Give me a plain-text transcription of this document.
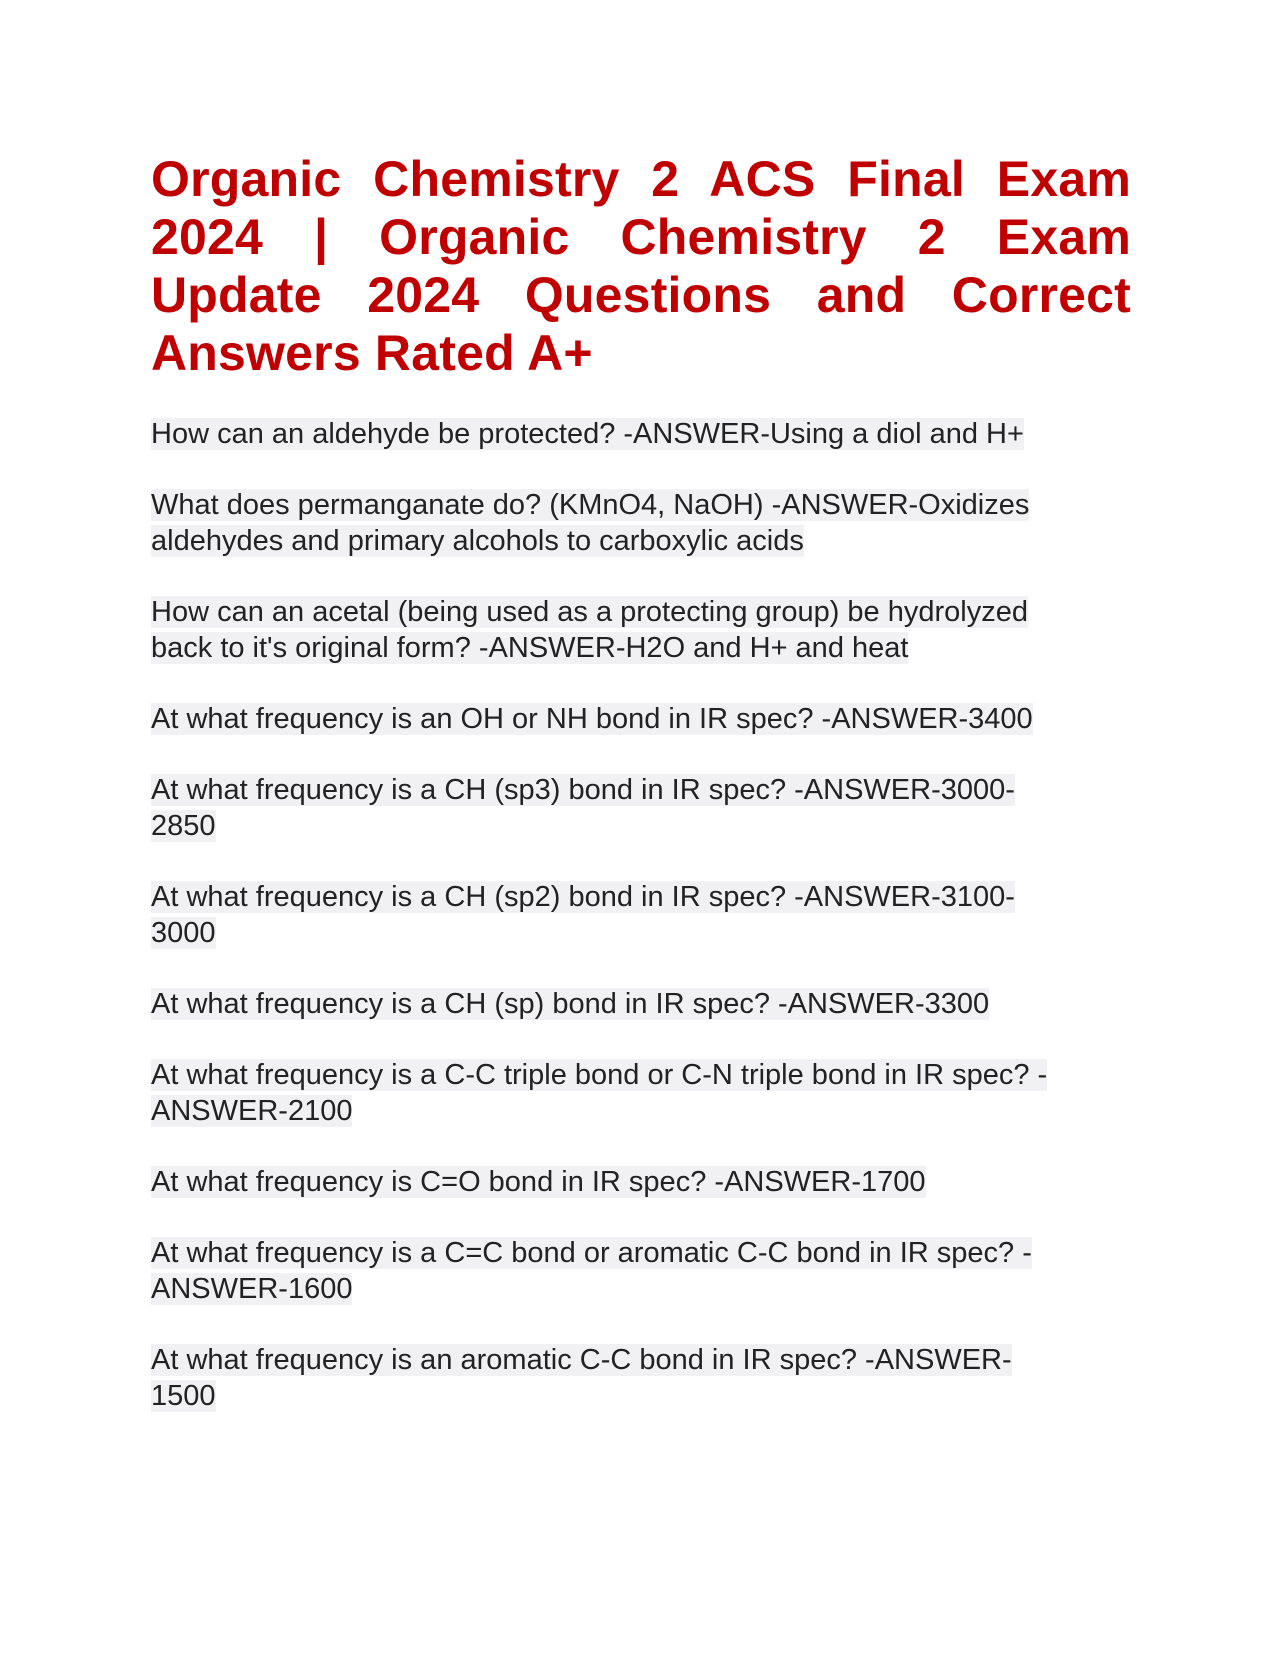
Organic Chemistry 2 ACS Final Exam 2024 | Organic Chemistry 2 Exam Update 2024 Questions and Correct Answers Rated A+

How can an aldehyde be protected? -ANSWER-Using a diol and H+

What does permanganate do? (KMnO4, NaOH) -ANSWER-Oxidizes
aldehydes and primary alcohols to carboxylic acids

How can an acetal (being used as a protecting group) be hydrolyzed
back to it's original form? -ANSWER-H2O and H+ and heat

At what frequency is an OH or NH bond in IR spec? -ANSWER-3400

At what frequency is a CH (sp3) bond in IR spec? -ANSWER-3000-
2850

At what frequency is a CH (sp2) bond in IR spec? -ANSWER-3100-
3000

At what frequency is a CH (sp) bond in IR spec? -ANSWER-3300

At what frequency is a C-C triple bond or C-N triple bond in IR spec? -
ANSWER-2100

At what frequency is C=O bond in IR spec? -ANSWER-1700

At what frequency is a C=C bond or aromatic C-C bond in IR spec? -
ANSWER-1600

At what frequency is an aromatic C-C bond in IR spec? -ANSWER-
1500
